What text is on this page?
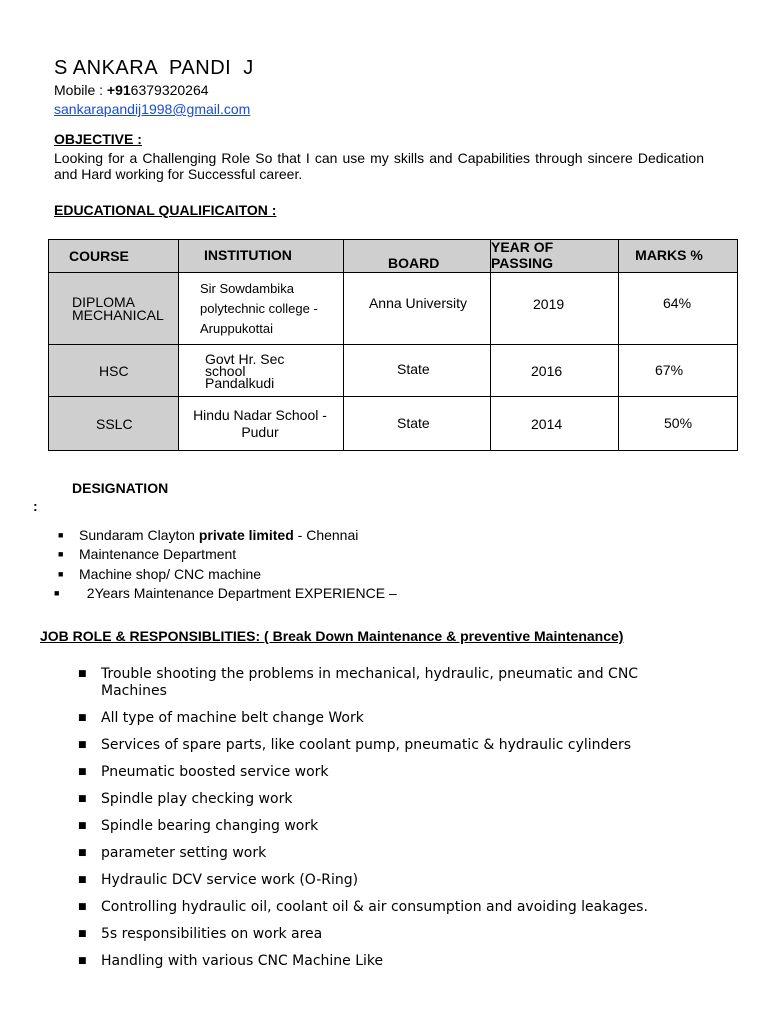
S ANKARA  PANDI  J
Mobile : +916379320264
sankarapandij1998@gmail.com
OBJECTIVE :
Looking for a Challenging Role So that I can use my skills and Capabilities through sincere Dedication and Hard working for Successful career.
EDUCATIONAL QUALIFICAITON :
COURSE	INSTITUTION	BOARD	YEAR OF PASSING	MARKS %

DIPLOMA MECHANICAL	Sir Sowdambika polytechnic college - Aruppukottai	Anna University	2019	64%

HSC	Govt Hr. Sec school Pandalkudi	State	2016	67%

SSLC	Hindu Nadar School - Pudur	State	2014	50%
DESIGNATION
:
■ Sundaram Clayton private limited - Chennai
■ Maintenance Department
■ Machine shop/ CNC machine
■ 2Years Maintenance Department EXPERIENCE –
JOB ROLE & RESPONSIBLITIES: ( Break Down Maintenance & preventive Maintenance)
■ Trouble shooting the problems in mechanical, hydraulic, pneumatic and CNC Machines
■ All type of machine belt change Work
■ Services of spare parts, like coolant pump, pneumatic & hydraulic cylinders
■ Pneumatic boosted service work
■ Spindle play checking work
■ Spindle bearing changing work
■ parameter setting work
■ Hydraulic DCV service work (O-Ring)
■ Controlling hydraulic oil, coolant oil & air consumption and avoiding leakages.
■ 5s responsibilities on work area
■ Handling with various CNC Machine Like
